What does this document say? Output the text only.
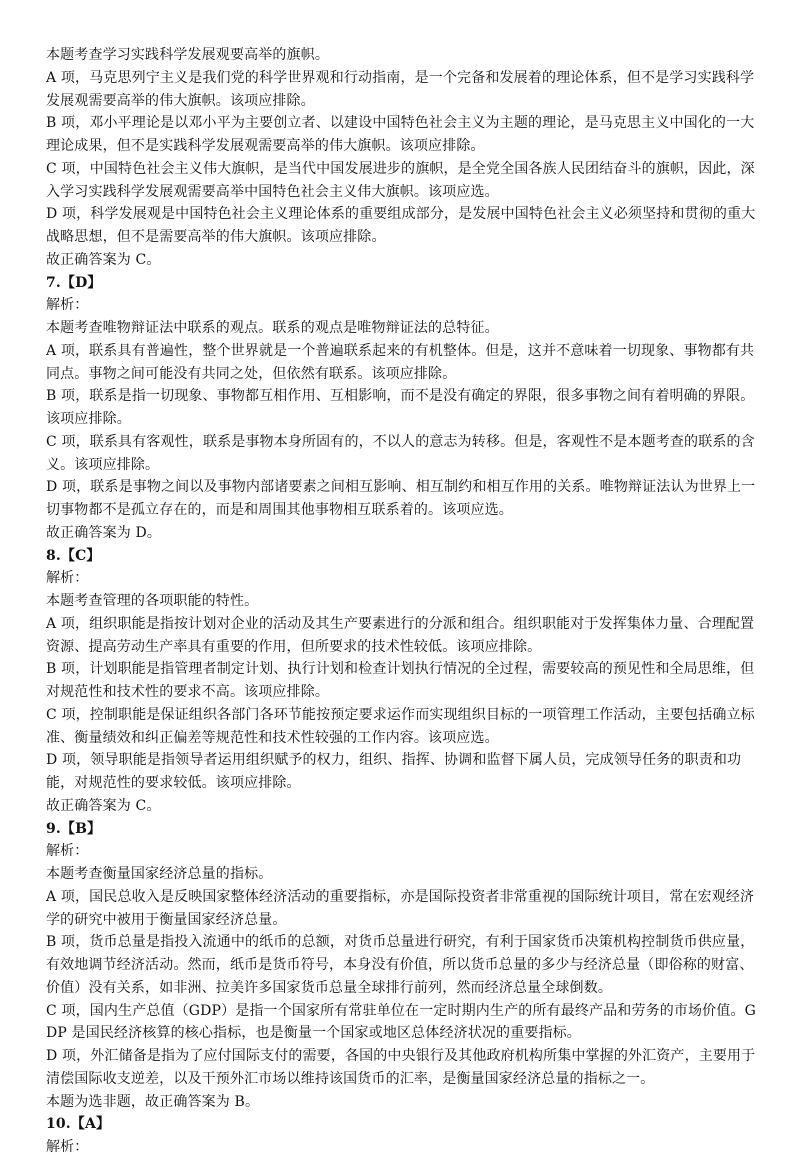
本题考查学习实践科学发展观要高举的旗帜。

A 项，马克思列宁主义是我们党的科学世界观和行动指南，是一个完备和发展着的理论体系，但不是学习实践科学发展观需要高举的伟大旗帜。该项应排除。

B 项，邓小平理论是以邓小平为主要创立者、以建设中国特色社会主义为主题的理论，是马克思主义中国化的一大理论成果，但不是实践科学发展观需要高举的伟大旗帜。该项应排除。

C 项，中国特色社会主义伟大旗帜，是当代中国发展进步的旗帜，是全党全国各族人民团结奋斗的旗帜，因此，深入学习实践科学发展观需要高举中国特色社会主义伟大旗帜。该项应选。

D 项，科学发展观是中国特色社会主义理论体系的重要组成部分，是发展中国特色社会主义必须坚持和贯彻的重大战略思想，但不是需要高举的伟大旗帜。该项应排除。

故正确答案为 C。

7.【D】

解析：

本题考查唯物辩证法中联系的观点。联系的观点是唯物辩证法的总特征。

A 项，联系具有普遍性，整个世界就是一个普遍联系起来的有机整体。但是，这并不意味着一切现象、事物都有共同点。事物之间可能没有共同之处，但依然有联系。该项应排除。

B 项，联系是指一切现象、事物都互相作用、互相影响，而不是没有确定的界限，很多事物之间有着明确的界限。该项应排除。

C 项，联系具有客观性，联系是事物本身所固有的，不以人的意志为转移。但是，客观性不是本题考查的联系的含义。该项应排除。

D 项，联系是事物之间以及事物内部诸要素之间相互影响、相互制约和相互作用的关系。唯物辩证法认为世界上一切事物都不是孤立存在的，而是和周围其他事物相互联系着的。该项应选。

故正确答案为 D。

8.【C】

解析：

本题考查管理的各项职能的特性。

A 项，组织职能是指按计划对企业的活动及其生产要素进行的分派和组合。组织职能对于发挥集体力量、合理配置资源、提高劳动生产率具有重要的作用，但所要求的技术性较低。该项应排除。

B 项，计划职能是指管理者制定计划、执行计划和检查计划执行情况的全过程，需要较高的预见性和全局思维，但对规范性和技术性的要求不高。该项应排除。

C 项，控制职能是保证组织各部门各环节能按预定要求运作而实现组织目标的一项管理工作活动，主要包括确立标准、衡量绩效和纠正偏差等规范性和技术性较强的工作内容。该项应选。

D 项，领导职能是指领导者运用组织赋予的权力，组织、指挥、协调和监督下属人员，完成领导任务的职责和功能，对规范性的要求较低。该项应排除。

故正确答案为 C。

9.【B】

解析：

本题考查衡量国家经济总量的指标。

A 项，国民总收入是反映国家整体经济活动的重要指标，亦是国际投资者非常重视的国际统计项目，常在宏观经济学的研究中被用于衡量国家经济总量。

B 项，货币总量是指投入流通中的纸币的总额，对货币总量进行研究，有利于国家货币决策机构控制货币供应量，有效地调节经济活动。然而，纸币是货币符号，本身没有价值，所以货币总量的多少与经济总量（即俗称的财富、价值）没有关系，如非洲、拉美许多国家货币总量全球排行前列，然而经济总量全球倒数。

C 项，国内生产总值（GDP）是指一个国家所有常驻单位在一定时期内生产的所有最终产品和劳务的市场价值。GDP 是国民经济核算的核心指标，也是衡量一个国家或地区总体经济状况的重要指标。

D 项，外汇储备是指为了应付国际支付的需要，各国的中央银行及其他政府机构所集中掌握的外汇资产，主要用于清偿国际收支逆差，以及干预外汇市场以维持该国货币的汇率，是衡量国家经济总量的指标之一。

本题为选非题，故正确答案为 B。

10.【A】

解析：
